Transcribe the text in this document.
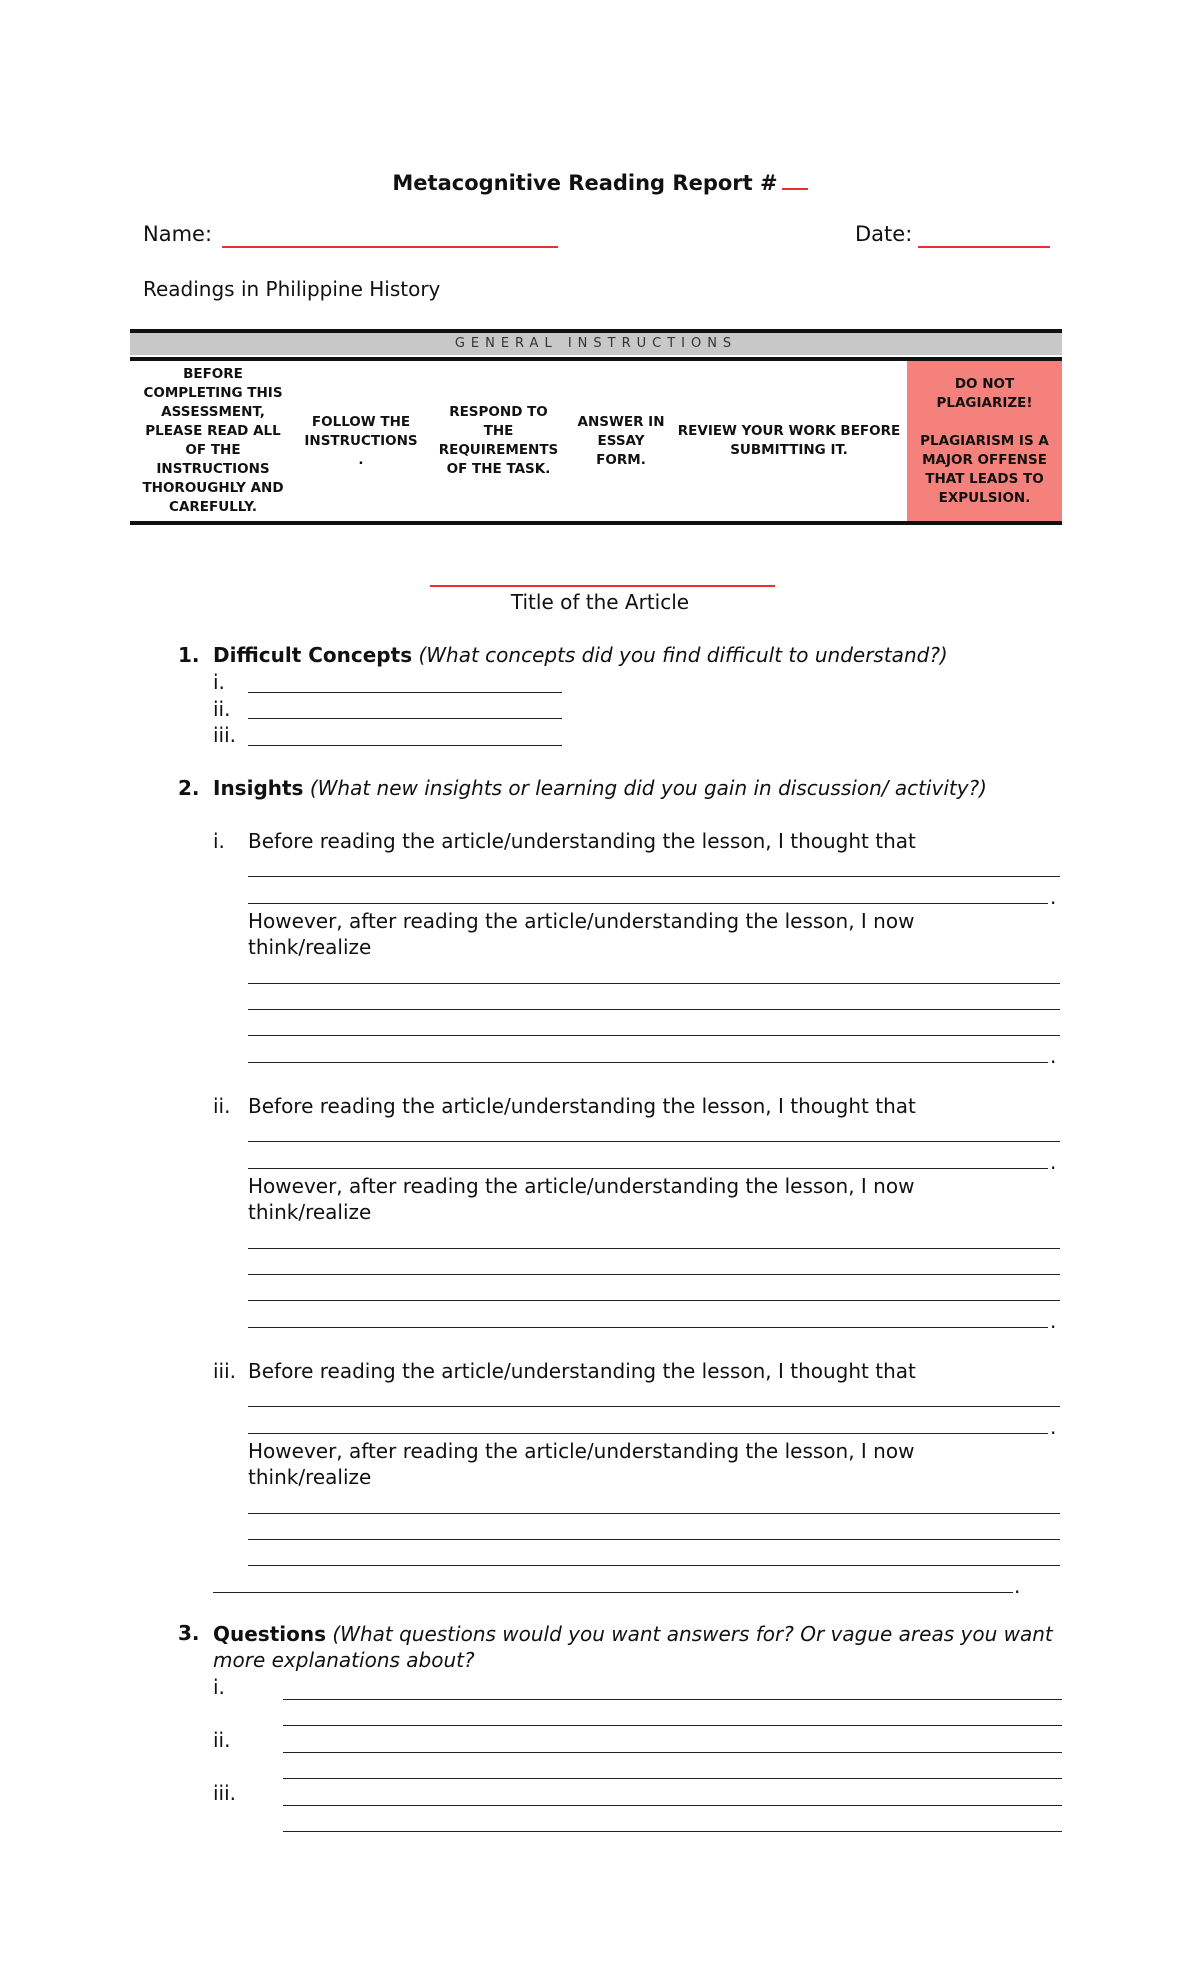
Metacognitive Reading Report #
Name:	Date:
Readings in Philippine History
GENERAL INSTRUCTIONS
BEFORE COMPLETING THIS ASSESSMENT, PLEASE READ ALL OF THE INSTRUCTIONS THOROUGHLY AND CAREFULLY.
FOLLOW THE INSTRUCTIONS .
RESPOND TO THE REQUIREMENTS OF THE TASK.
ANSWER IN ESSAY FORM.
REVIEW YOUR WORK BEFORE SUBMITTING IT.
DO NOT PLAGIARIZE!
PLAGIARISM IS A MAJOR OFFENSE THAT LEADS TO EXPULSION.
Title of the Article
1. Difficult Concepts (What concepts did you find difficult to understand?)
i.
ii.
iii.
2. Insights (What new insights or learning did you gain in discussion/ activity?)
i. Before reading the article/understanding the lesson, I thought that
.
However, after reading the article/understanding the lesson, I now think/realize
.
ii. Before reading the article/understanding the lesson, I thought that
.
However, after reading the article/understanding the lesson, I now think/realize
.
iii. Before reading the article/understanding the lesson, I thought that
.
However, after reading the article/understanding the lesson, I now think/realize
.
3. Questions (What questions would you want answers for? Or vague areas you want more explanations about?
i.
ii.
iii.
